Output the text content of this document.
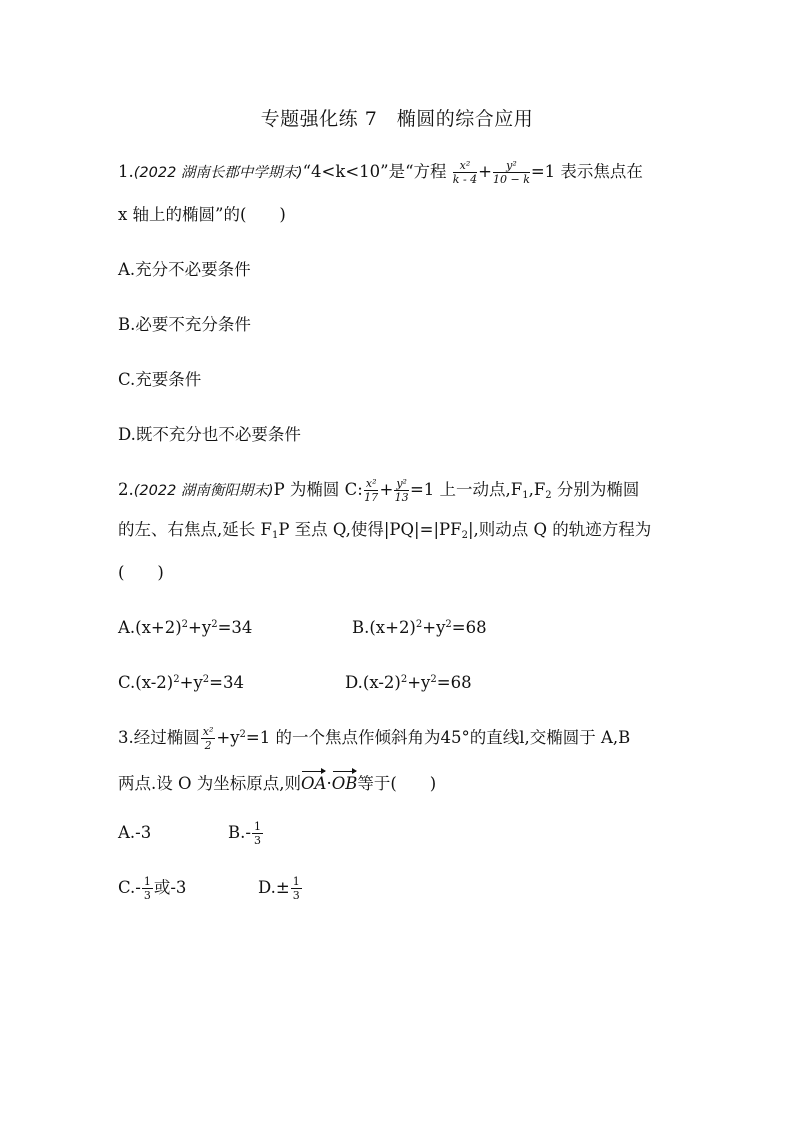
专题强化练 7　椭圆的综合应用
1.(2022 湖南长郡中学期末)“4<k<10”是“方程 $\frac{\text{x²}}{k - 4} + \frac{\text{y²}}{10 - k} =1$ 表示焦点在
x 轴上的椭圆”的(　　)
A.充分不必要条件
B.必要不充分条件
C.充要条件
D.既不充分也不必要条件
2.(2022 湖南衡阳期末)P 为椭圆 C: $\frac{\text{x²}}{17} + \frac{\text{y²}}{13} =1$ 上一动点$,F_1,F_2$ 分别为椭圆
的左、右焦点,延长 $F_1P$ 至点 Q,使得$|PQ|=|PF_2|$,则动点 Q 的轨迹方程为
(　　)
$A.(x+2)^2+y^2=34$	$B.(x+2)^2+y^2=68$
$C.(x-2)^2+y^2=34$	$D.(x-2)^2+y^2=68$
3.经过椭圆 $\frac{\text{x²}}{2} +y^2=1$ 的一个焦点作倾斜角为45°的直线l,交椭圆于 A,B
两点.设 O 为坐标原点,则OA·OB等于(　　)
A.-3	$B.- \frac{1}{3}$
$C.- \frac{1}{3}$ 或-3	$D.\pm \frac{1}{3}$
